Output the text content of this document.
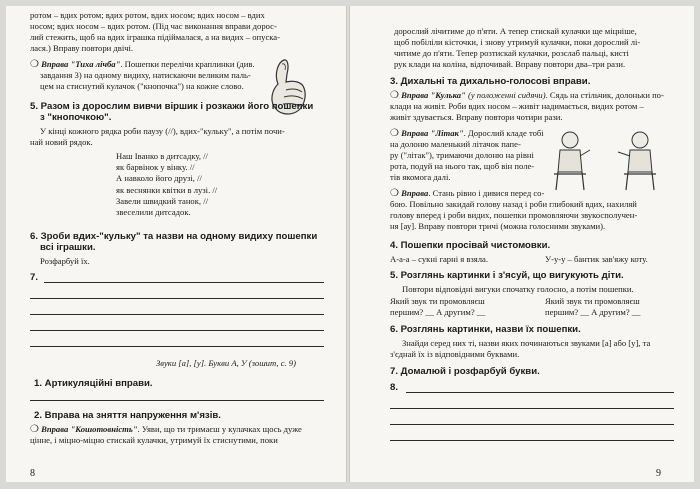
ротом – вдих ротом; вдих ротом, вдих носом; вдих носом – вдих

носом; вдих носом – вдих ротом. (Під час виконання вправи дорос-

лий стежить, щоб на вдих іграшка підіймалася, а на видих – опуска-

лася.) Вправу повтори двічі.

❍ Вправа "Тиха лічба". Пошепки перелічи краплинки (див.

завдання 3) на одному видиху, натискаючи великим паль-

цем на стиснутий кулачок ("кнопочка") на кожне слово.

5. Разом із дорослим вивчи віршик і розкажи його пошепки

з "кнопочкою".

У кінці кожного рядка роби паузу (//), вдих-"кульку", а потім почи-

най новий рядок.

Наш Іванко в дитсадку, //
як барвінок у вінку. //
А навколо його друзі, //
як веснянки квітки в лузі. //
Завели швидкий танок, //
звеселили дитсадок.

6. Зроби вдих-"кульку" та назви на одному видиху пошепки

всі іграшки.

Розфарбуй їх.

7.

Звуки [а], [у]. Букви А, У (зошит, с. 9)

1. Артикуляційні вправи.

2. Вправа на зняття напруження м'язів.

❍ Вправа "Кошотовність". Уяви, що ти тримаєш у кулачках щось дуже

цінне, і міцно-міцно стискай кулачки, утримуй їх стиснутими, поки

8

дорослий лічитиме до п'яти. А тепер стискай кулачки ще міцніше,

щоб побіліли кісточки, і знову утримуй кулачки, поки дорослий лі-

читиме до п'яти. Тепер розтискай кулачки, розслаб пальці, кисті

рук клади на коліна, відпочивай. Вправу повтори два–три рази.

3. Дихальні та дихально-голосові вправи.

❍ Вправа "Кулька" (у положенні сидячи). Сядь на стільчик, долоньки по-

клади на живіт. Роби вдих носом – живіт надимається, видих ротом –

живіт здувається. Вправу повтори чотири рази.

❍ Вправа "Літак". Дорослий кладе тобі

на долоню маленький літачок папе-

ру ("літак"), тримаючи долоню на рівні

рота, подуй на нього так, щоб він поле-

тів якомога далі.

❍ Вправа. Стань рівно і дивися перед со-

бою. Повільно закидай голову назад і роби глибокий вдих, нахиляй

голову вперед і роби видих, пошепки промовляючи звукосполучен-

ня [ау]. Вправу повтори тричі (можна голосними звуками).

4. Пошепки просівай чистомовки.

А-а-а – сукні гарні я взяла.	У-у-у – бантик зав'яжу коту.

5. Розглянь картинки і з'ясуй, що вигукують діти.

Повтори відповідні вигуки спочатку голосно, а потім пошепки.

Який звук ти промовляєш

першим? __ А другим? __

Який звук ти промовляєш

першим? __ А другим? __

6. Розглянь картинки, назви їх пошепки.

Знайди серед них ті, назви яких починаються звуками [а] або [у], та

з'єднай їх із відповідними буквами.

7. Домалюй і розфарбуй букви.

8.

9
